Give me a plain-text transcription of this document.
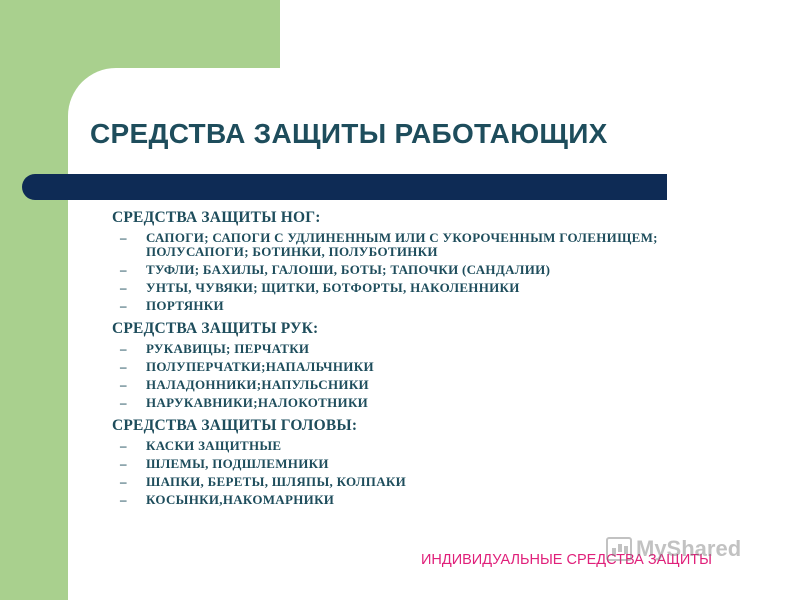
СРЕДСТВА ЗАЩИТЫ РАБОТАЮЩИХ
СРЕДСТВА ЗАЩИТЫ НОГ:
– САПОГИ; САПОГИ С УДЛИНЕННЫМ ИЛИ С УКОРОЧЕННЫМ ГОЛЕНИЩЕМ; ПОЛУСАПОГИ; БОТИНКИ, ПОЛУБОТИНКИ
– ТУФЛИ; БАХИЛЫ, ГАЛОШИ, БОТЫ; ТАПОЧКИ (САНДАЛИИ)
– УНТЫ, ЧУВЯКИ; ЩИТКИ, БОТФОРТЫ, НАКОЛЕННИКИ
– ПОРТЯНКИ
СРЕДСТВА ЗАЩИТЫ РУК:
– РУКАВИЦЫ; ПЕРЧАТКИ
– ПОЛУПЕРЧАТКИ;НАПАЛЬЧНИКИ
– НАЛАДОННИКИ;НАПУЛЬСНИКИ
– НАРУКАВНИКИ;НАЛОКОТНИКИ
СРЕДСТВА ЗАЩИТЫ ГОЛОВЫ:
– КАСКИ ЗАЩИТНЫЕ
– ШЛЕМЫ, ПОДШЛЕМНИКИ
– ШАПКИ, БЕРЕТЫ, ШЛЯПЫ, КОЛПАКИ
– КОСЫНКИ,НАКОМАРНИКИ
ИНДИВИДУАЛЬНЫЕ СРЕДСТВА ЗАЩИТЫ
MyShared
